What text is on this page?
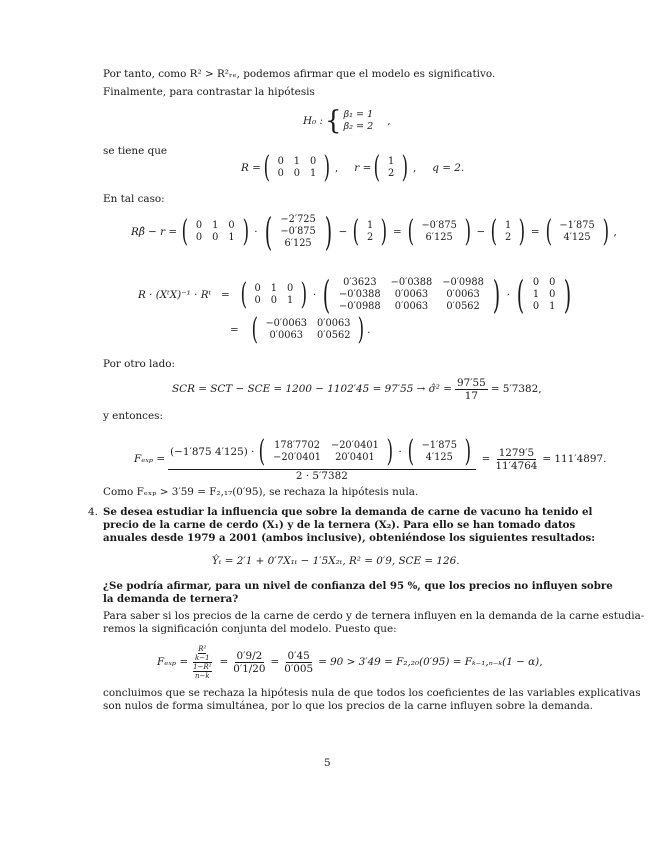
Por tanto, como R² > R²ᵣₑ, podemos afirmar que el modelo es significativo.
Finalmente, para contrastar la hipótesis
H₀ : { β₁ = 1
β₂ = 2 ,
se tiene que
R = ( 0	1	0
0	0	1 ) , r = ( 1
2 ) , q = 2.
En tal caso:
Rβ̂ − r = ( 0	1	0
0	0	1 ) · ( −2′725
−0′875
6′125 ) − ( 1
2 ) = ( −0′875
6′125 ) − ( 1
2 ) = ( −1′875
4′125 ) ,
R · (XᵗX)⁻¹ · Rᵗ   = ( 0	1	0
0	0	1 ) · ( 0′3623	−0′0388	−0′0988
−0′0388	0′0063	0′0063
−0′0988	0′0063	0′0562 ) · ( 0	0
1	0
0	1 )
= ( −0′0063	0′0063
0′0063	0′0562 ) .
Por otro lado:
SCR = SCT − SCE = 1200 − 1102′45 = 97′55 → σ̂² = $\frac{97'55}{17} = 5'7382$,
y entonces:
Fₑₓₚ =
(−1′875 4′125) · ( 178′7702	−20′0401
−20′0401	20′0401 ) · ( −1′875
4′125 )
2 · 5′7382
= $\frac{1279'5}{11'4764} = 111'4897$.
Como Fₑₓₚ > 3′59 = F₂,₁₇(0′95), se rechaza la hipótesis nula.
4. Se desea estudiar la influencia que sobre la demanda de carne de vacuno ha tenido el
precio de la carne de cerdo (X₁) y de la ternera (X₂). Para ello se han tomado datos
anuales desde 1979 a 2001 (ambos inclusive), obteniéndose los siguientes resultados:
Ŷₜ = 2′1 + 0′7X₁ₜ − 1′5X₂ₜ, R² = 0′9, SCE = 126.
¿Se podría afirmar, para un nivel de confianza del 95 %, que los precios no influyen sobre
la demanda de ternera?
Para saber si los precios de la carne de cerdo y de ternera influyen en la demanda de la carne estudia-
remos la significación conjunta del modelo. Puesto que:
Fₑₓₚ = R²
k−1
1−R²
$n-k = \frac{0'9/2}{0'1/20} = \frac{0'45}{0'005} = 90 > 3'49 = F_2,_{20}(0'95) = F_{k-1},_{n-k}(1 - \alpha)$,
concluimos que se rechaza la hipótesis nula de que todos los coeficientes de las variables explicativas
son nulos de forma simultánea, por lo que los precios de la carne influyen sobre la demanda.
5
